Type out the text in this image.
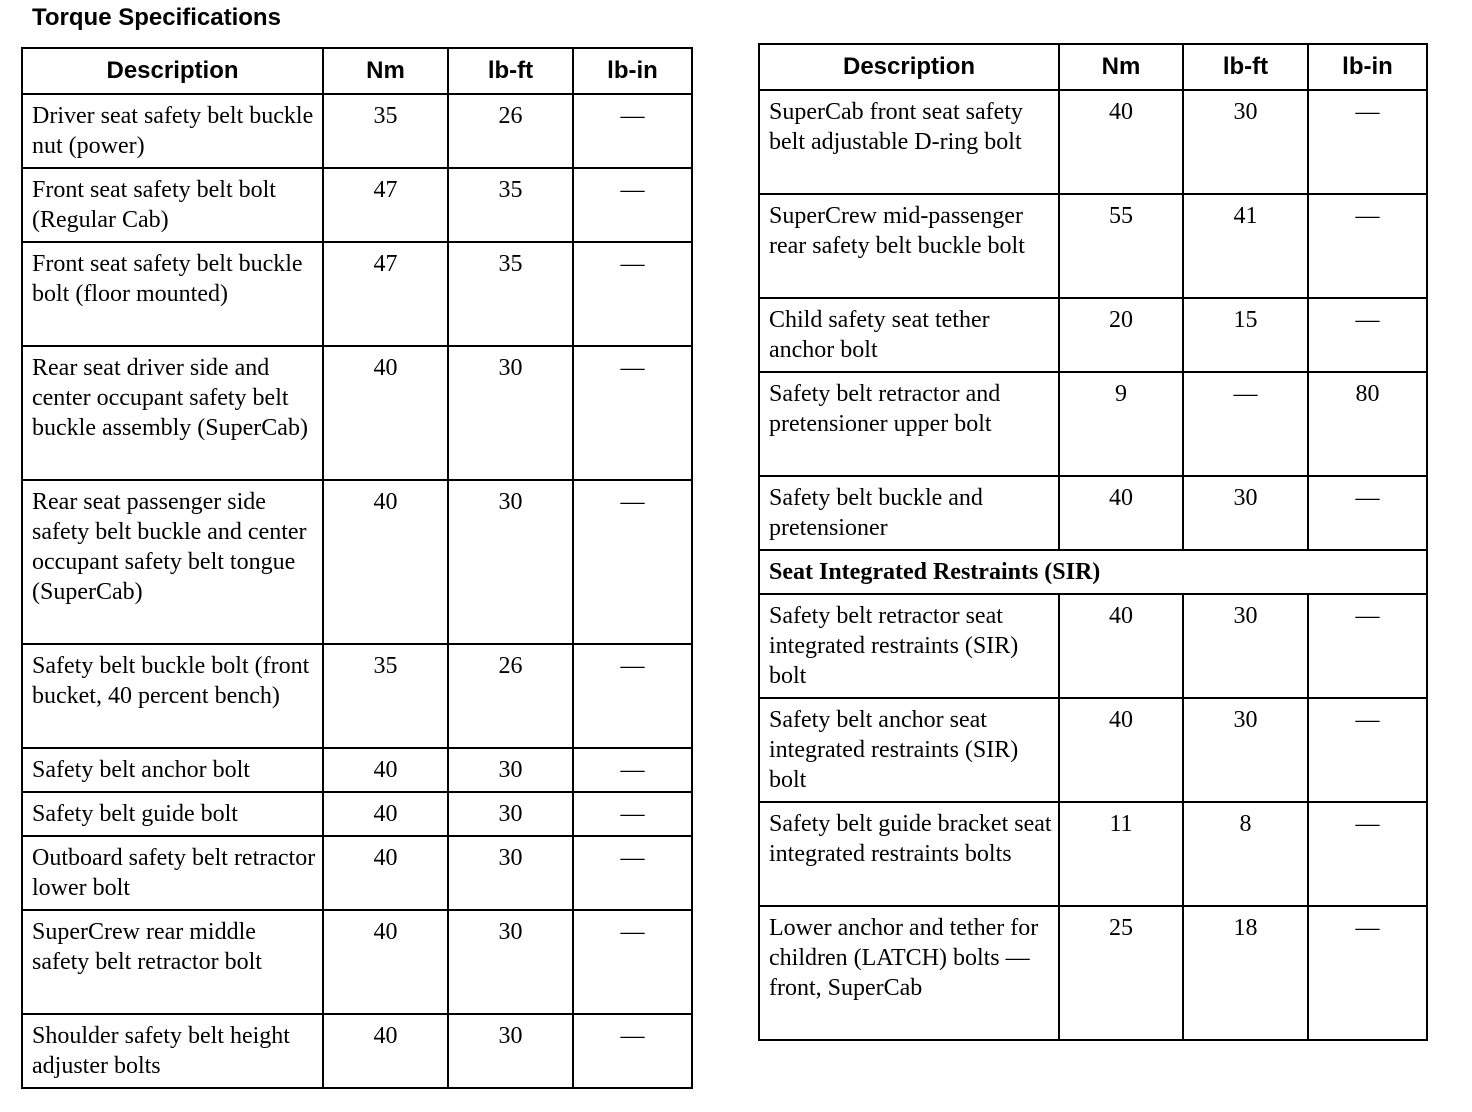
Torque Specifications
Description	Nm	lb-ft	lb-in
Driver seat safety belt buckle nut (power)	35	26	—
Front seat safety belt bolt (Regular Cab)	47	35	—
Front seat safety belt buckle bolt (floor mounted)	47	35	—
Rear seat driver side and center occupant safety belt buckle assembly (SuperCab)	40	30	—
Rear seat passenger side safety belt buckle and center occupant safety belt tongue (SuperCab)	40	30	—
Safety belt buckle bolt (front bucket, 40 percent bench)	35	26	—
Safety belt anchor bolt	40	30	—
Safety belt guide bolt	40	30	—
Outboard safety belt retractor lower bolt	40	30	—
SuperCrew rear middle safety belt retractor bolt	40	30	—
Shoulder safety belt height adjuster bolts	40	30	—
Description	Nm	lb-ft	lb-in
SuperCab front seat safety belt adjustable D-ring bolt	40	30	—
SuperCrew mid-passenger rear safety belt buckle bolt	55	41	—
Child safety seat tether anchor bolt	20	15	—
Safety belt retractor and pretensioner upper bolt	9	—	80
Safety belt buckle and pretensioner	40	30	—
Seat Integrated Restraints (SIR)			
Safety belt retractor seat integrated restraints (SIR) bolt	40	30	—
Safety belt anchor seat integrated restraints (SIR) bolt	40	30	—
Safety belt guide bracket seat integrated restraints bolts	11	8	—
Lower anchor and tether for children (LATCH) bolts — front, SuperCab	25	18	—
